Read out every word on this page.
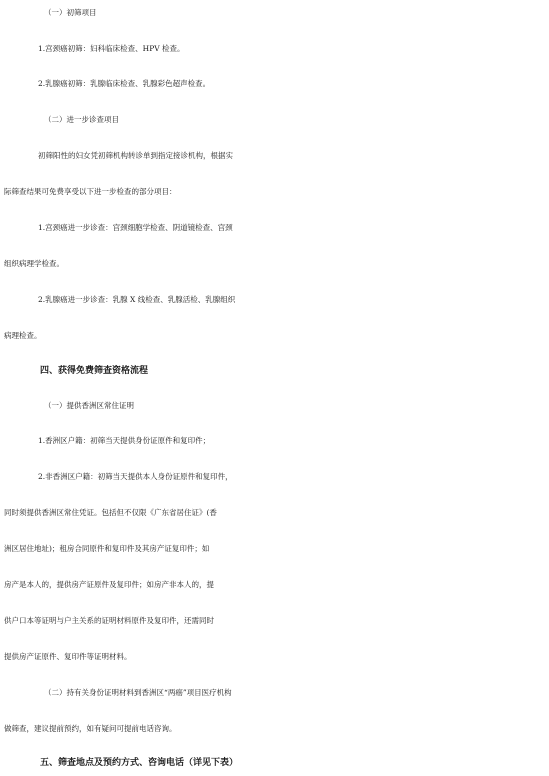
（一）初筛项目
1.宫颈癌初筛：妇科临床检查、HPV 检查。
2.乳腺癌初筛：乳腺临床检查、乳腺彩色超声检查。
（二）进一步诊查项目
初筛阳性的妇女凭初筛机构转诊单到指定接诊机构，根据实
际筛查结果可免费享受以下进一步检查的部分项目：
1.宫颈癌进一步诊查：宫颈细胞学检查、阴道镜检查、宫颈
组织病理学检查。
2.乳腺癌进一步诊查：乳腺 X 线检查、乳腺活检、乳腺组织
病理检查。
四、获得免费筛查资格流程
（一）提供香洲区常住证明
1.香洲区户籍：初筛当天提供身份证原件和复印件；
2.非香洲区户籍：初筛当天提供本人身份证原件和复印件，
同时须提供香洲区常住凭证。包括但不仅限《广东省居住证》(香
洲区居住地址)；租房合同原件和复印件及其房产证复印件；如
房产是本人的，提供房产证原件及复印件；如房产非本人的，提
供户口本等证明与户主关系的证明材料原件及复印件，还需同时
提供房产证原件、复印件等证明材料。
（二）持有关身份证明材料到香洲区“两癌”项目医疗机构
做筛查，建议提前预约，如有疑问可提前电话咨询。
五、筛查地点及预约方式、咨询电话（详见下表）
